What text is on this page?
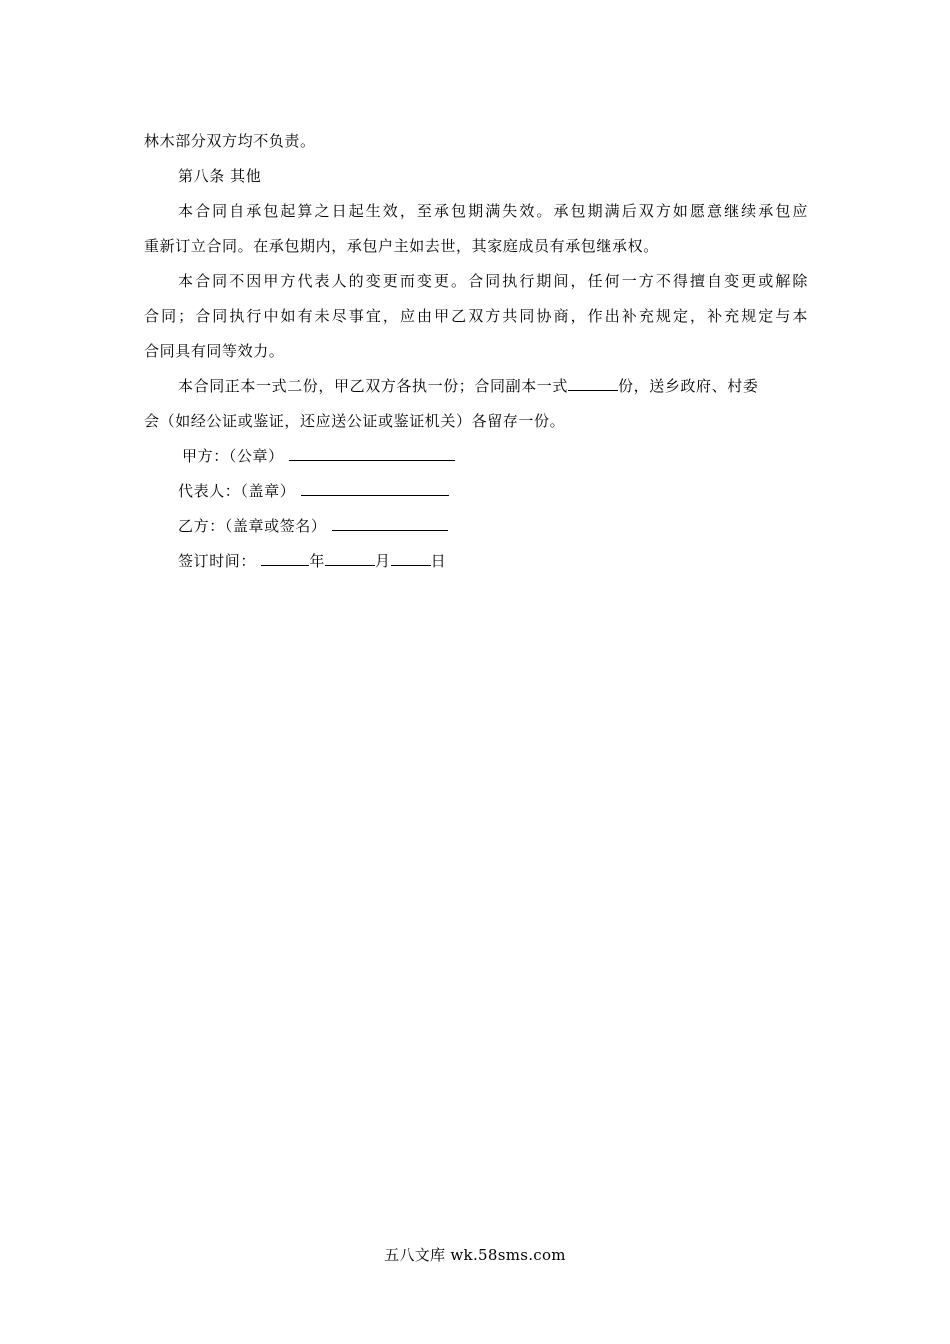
林木部分双方均不负责。
第八条 其他
本合同自承包起算之日起生效，至承包期满失效。承包期满后双方如愿意继续承包应
重新订立合同。在承包期内，承包户主如去世，其家庭成员有承包继承权。
本合同不因甲方代表人的变更而变更。合同执行期间，任何一方不得擅自变更或解除
合同；合同执行中如有未尽事宜，应由甲乙双方共同协商，作出补充规定，补充规定与本
合同具有同等效力。
本合同正本一式二份，甲乙双方各执一份；合同副本一式	份，送乡政府、村委
会（如经公证或鉴证，还应送公证或鉴证机关）各留存一份。
甲方：（公章）
代表人：（盖章）
乙方：（盖章或签名）
签订时间：	年	月	日
五八文库 wk.58sms.com
